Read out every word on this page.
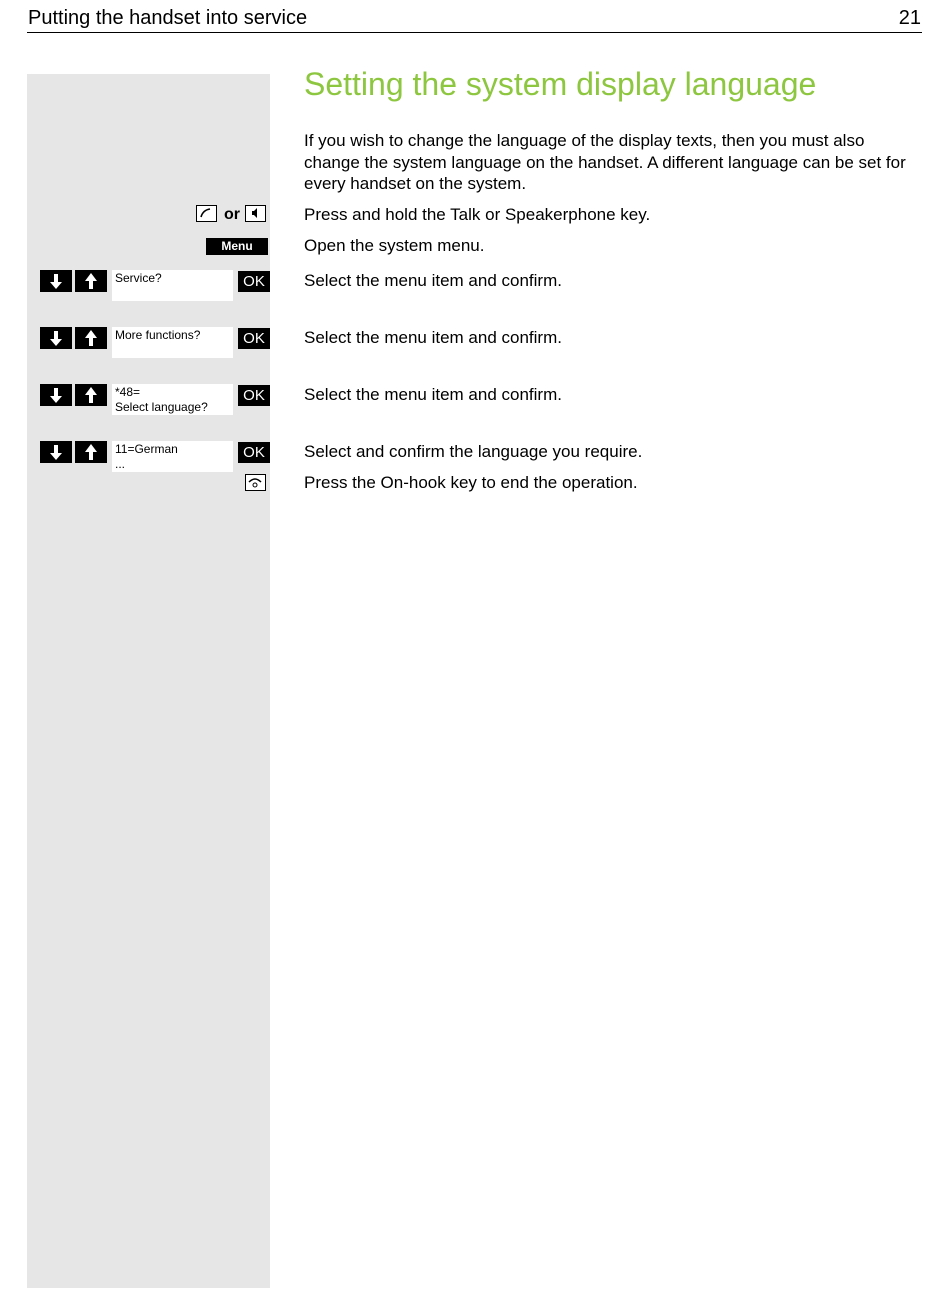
Putting the handset into service	21
Setting the system display language
If you wish to change the language of the display texts, then you must also change the system language on the handset. A different language can be set for every handset on the system.
or	Press and hold the Talk or Speakerphone key.
Menu	Open the system menu.
Service?	OK	Select the menu item and confirm.
More functions?	OK	Select the menu item and confirm.
*48=
Select language?
OK	Select the menu item and confirm.
11=German
...
OK	Select and confirm the language you require.
Press the On-hook key to end the operation.
